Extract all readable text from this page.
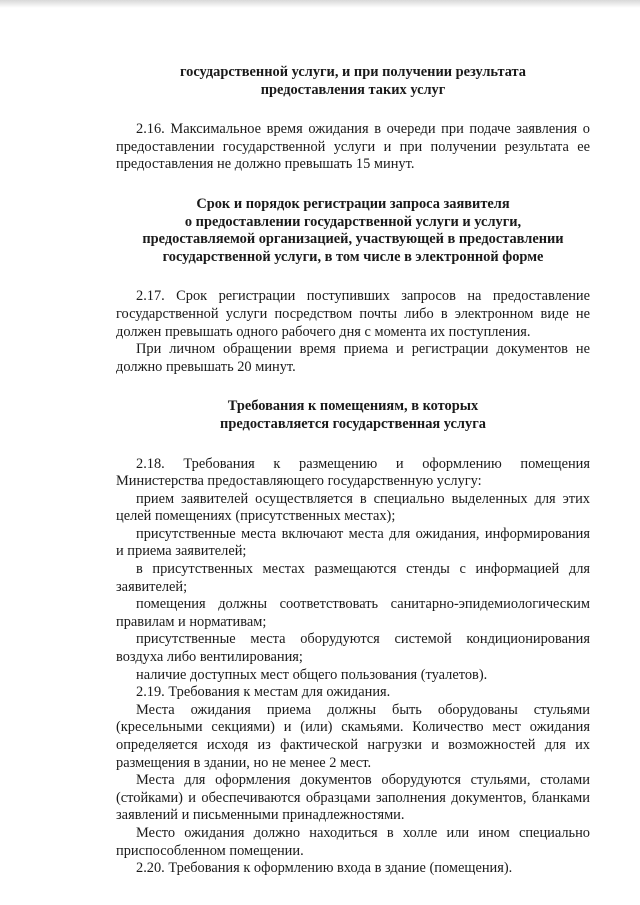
государственной услуги, и при получении результата
предоставления таких услуг
2.16. Максимальное время ожидания в очереди при подаче заявления о
предоставлении государственной услуги и при получении результата ее
предоставления не должно превышать 15 минут.
Срок и порядок регистрации запроса заявителя
о предоставлении государственной услуги и услуги,
предоставляемой организацией, участвующей в предоставлении
государственной услуги, в том числе в электронной форме
2.17. Срок регистрации поступивших запросов на предоставление
государственной услуги посредством почты либо в электронном виде не
должен превышать одного рабочего дня с момента их поступления.
При личном обращении время приема и регистрации документов не
должно превышать 20 минут.
Требования к помещениям, в которых
предоставляется государственная услуга
2.18. Требования к размещению и оформлению помещения
Министерства предоставляющего государственную услугу:
прием заявителей осуществляется в специально выделенных для этих
целей помещениях (присутственных местах);
присутственные места включают места для ожидания, информирования
и приема заявителей;
в присутственных местах размещаются стенды с информацией для
заявителей;
помещения должны соответствовать санитарно-эпидемиологическим
правилам и нормативам;
присутственные места оборудуются системой кондиционирования
воздуха либо вентилирования;
наличие доступных мест общего пользования (туалетов).
2.19. Требования к местам для ожидания.
Места ожидания приема должны быть оборудованы стульями
(кресельными секциями) и (или) скамьями. Количество мест ожидания
определяется исходя из фактической нагрузки и возможностей для их
размещения в здании, но не менее 2 мест.
Места для оформления документов оборудуются стульями, столами
(стойками) и обеспечиваются образцами заполнения документов, бланками
заявлений и письменными принадлежностями.
Место ожидания должно находиться в холле или ином специально
приспособленном помещении.
2.20. Требования к оформлению входа в здание (помещения).
